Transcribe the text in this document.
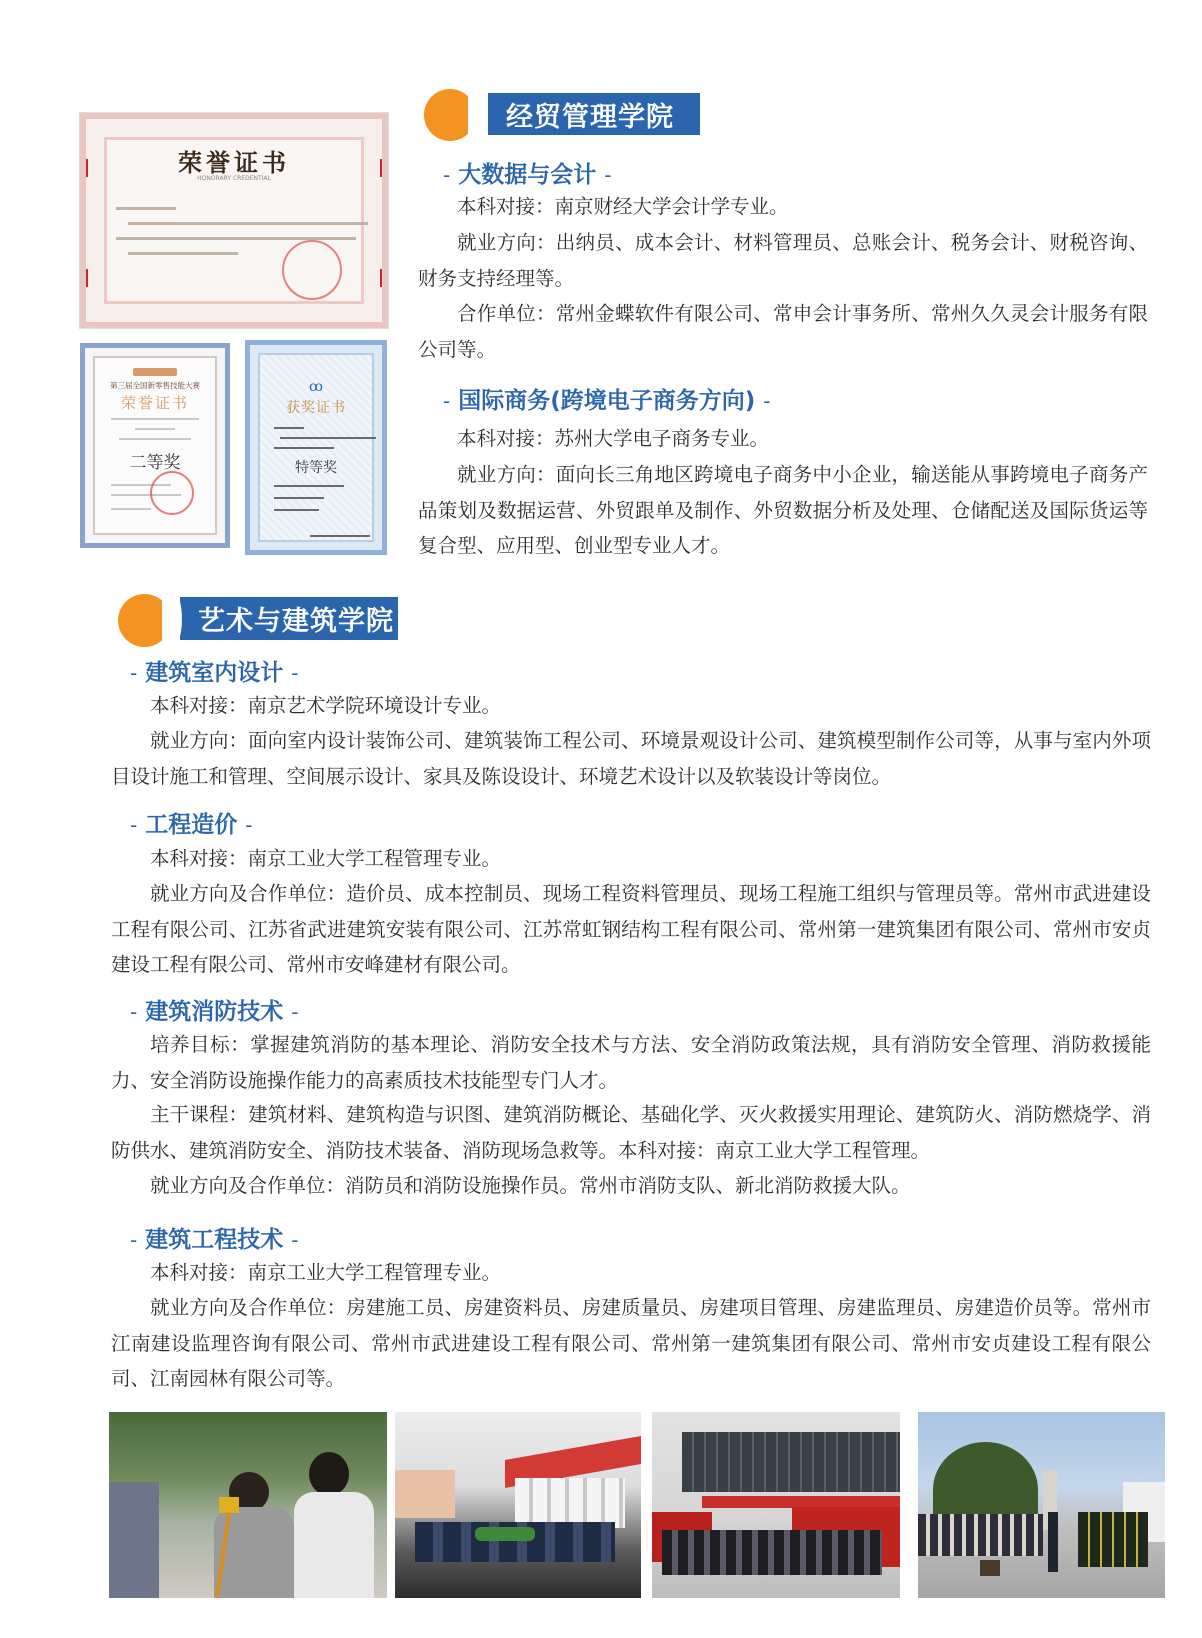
经贸管理学院
荣誉证书
HONORARY CREDENTIAL
第三届全国新零售技能大赛
荣誉证书
二等奖
ꝏ
获奖证书
特等奖
- 大数据与会计 -
本科对接：南京财经大学会计学专业。
就业方向：出纳员、成本会计、材料管理员、总账会计、税务会计、财税咨询、财务支持经理等。
合作单位：常州金蝶软件有限公司、常申会计事务所、常州久久灵会计服务有限公司等。
- 国际商务(跨境电子商务方向) -
本科对接：苏州大学电子商务专业。
就业方向：面向长三角地区跨境电子商务中小企业，输送能从事跨境电子商务产品策划及数据运营、外贸跟单及制作、外贸数据分析及处理、仓储配送及国际货运等复合型、应用型、创业型专业人才。
艺术与建筑学院
- 建筑室内设计 -
本科对接：南京艺术学院环境设计专业。
就业方向：面向室内设计装饰公司、建筑装饰工程公司、环境景观设计公司、建筑模型制作公司等，从事与室内外项目设计施工和管理、空间展示设计、家具及陈设设计、环境艺术设计以及软装设计等岗位。
- 工程造价 -
本科对接：南京工业大学工程管理专业。
就业方向及合作单位：造价员、成本控制员、现场工程资料管理员、现场工程施工组织与管理员等。常州市武进建设工程有限公司、江苏省武进建筑安装有限公司、江苏常虹钢结构工程有限公司、常州第一建筑集团有限公司、常州市安贞建设工程有限公司、常州市安峰建材有限公司。
- 建筑消防技术 -
培养目标：掌握建筑消防的基本理论、消防安全技术与方法、安全消防政策法规，具有消防安全管理、消防救援能力、安全消防设施操作能力的高素质技术技能型专门人才。
主干课程：建筑材料、建筑构造与识图、建筑消防概论、基础化学、灭火救援实用理论、建筑防火、消防燃烧学、消防供水、建筑消防安全、消防技术装备、消防现场急救等。本科对接：南京工业大学工程管理。
就业方向及合作单位：消防员和消防设施操作员。常州市消防支队、新北消防救援大队。
- 建筑工程技术 -
本科对接：南京工业大学工程管理专业。
就业方向及合作单位：房建施工员、房建资料员、房建质量员、房建项目管理、房建监理员、房建造价员等。常州市江南建设监理咨询有限公司、常州市武进建设工程有限公司、常州第一建筑集团有限公司、常州市安贞建设工程有限公司、江南园林有限公司等。
